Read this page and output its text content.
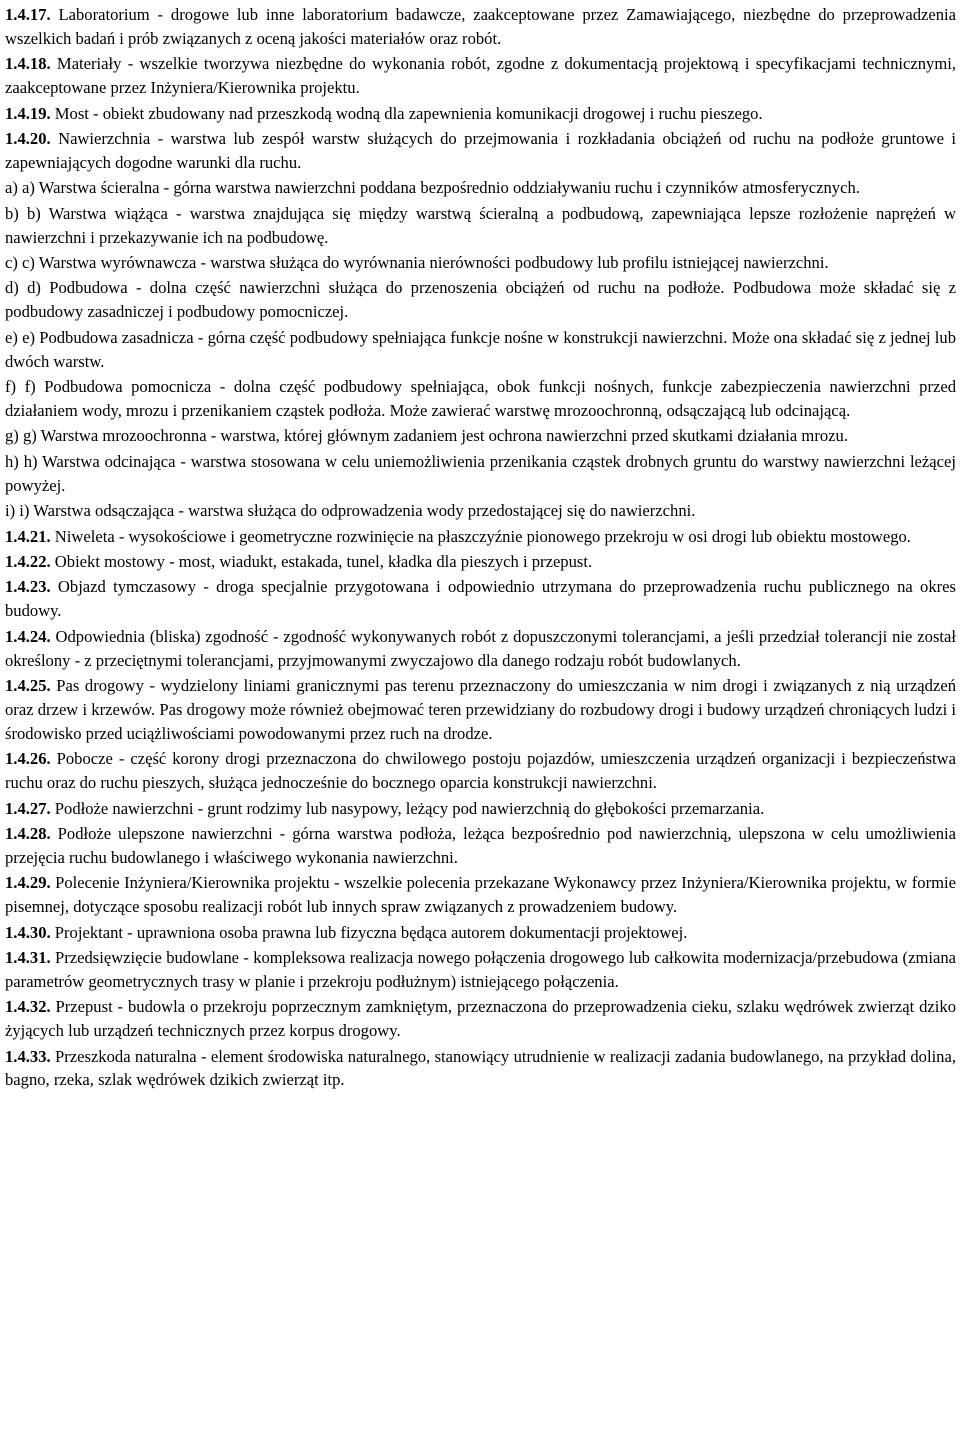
1.4.17. Laboratorium - drogowe lub inne laboratorium badawcze, zaakceptowane przez Zamawiającego, niezbędne do przeprowadzenia wszelkich badań i prób związanych z oceną jakości materiałów oraz robót.

1.4.18. Materiały - wszelkie tworzywa niezbędne do wykonania robót, zgodne z dokumentacją projektową i specyfikacjami technicznymi, zaakceptowane przez Inżyniera/Kierownika projektu.

1.4.19. Most - obiekt zbudowany nad przeszkodą wodną dla zapewnienia komunikacji drogowej i ruchu pieszego.

1.4.20. Nawierzchnia - warstwa lub zespół warstw służących do przejmowania i rozkładania obciążeń od ruchu na podłoże gruntowe i zapewniających dogodne warunki dla ruchu.

a) a) Warstwa ścieralna - górna warstwa nawierzchni poddana bezpośrednio oddziaływaniu ruchu i czynników atmosferycznych.

b) b) Warstwa wiążąca - warstwa znajdująca się między warstwą ścieralną a podbudową, zapewniająca lepsze rozłożenie naprężeń w nawierzchni i przekazywanie ich na podbudowę.

c) c) Warstwa wyrównawcza - warstwa służąca do wyrównania nierówności podbudowy lub profilu istniejącej nawierzchni.

d) d) Podbudowa - dolna część nawierzchni służąca do przenoszenia obciążeń od ruchu na podłoże. Podbudowa może składać się z podbudowy zasadniczej i podbudowy pomocniczej.

e) e) Podbudowa zasadnicza - górna część podbudowy spełniająca funkcje nośne w konstrukcji nawierzchni. Może ona składać się z jednej lub dwóch warstw.

f) f) Podbudowa pomocnicza - dolna część podbudowy spełniająca, obok funkcji nośnych, funkcje zabezpieczenia nawierzchni przed działaniem wody, mrozu i przenikaniem cząstek podłoża. Może zawierać warstwę mrozoochronną, odsączającą lub odcinającą.

g) g) Warstwa mrozoochronna - warstwa, której głównym zadaniem jest ochrona nawierzchni przed skutkami działania mrozu.

h) h) Warstwa odcinająca - warstwa stosowana w celu uniemożliwienia przenikania cząstek drobnych gruntu do warstwy nawierzchni leżącej powyżej.

i) i) Warstwa odsączająca - warstwa służąca do odprowadzenia wody przedostającej się do nawierzchni.

1.4.21. Niweleta - wysokościowe i geometryczne rozwinięcie na płaszczyźnie pionowego przekroju w osi drogi lub obiektu mostowego.

1.4.22. Obiekt mostowy - most, wiadukt, estakada, tunel, kładka dla pieszych i przepust.

1.4.23. Objazd tymczasowy - droga specjalnie przygotowana i odpowiednio utrzymana do przeprowadzenia ruchu publicznego na okres budowy.

1.4.24. Odpowiednia (bliska) zgodność - zgodność wykonywanych robót z dopuszczonymi tolerancjami, a jeśli przedział tolerancji nie został określony - z przeciętnymi tolerancjami, przyjmowanymi zwyczajowo dla danego rodzaju robót budowlanych.

1.4.25. Pas drogowy - wydzielony liniami granicznymi pas terenu przeznaczony do umieszczania w nim drogi i związanych z nią urządzeń oraz drzew i krzewów. Pas drogowy może również obejmować teren przewidziany do rozbudowy drogi i budowy urządzeń chroniących ludzi i środowisko przed uciążliwościami powodowanymi przez ruch na drodze.

1.4.26. Pobocze - część korony drogi przeznaczona do chwilowego postoju pojazdów, umieszczenia urządzeń organizacji i bezpieczeństwa ruchu oraz do ruchu pieszych, służąca jednocześnie do bocznego oparcia konstrukcji nawierzchni.

1.4.27. Podłoże nawierzchni - grunt rodzimy lub nasypowy, leżący pod nawierzchnią do głębokości przemarzania.

1.4.28. Podłoże ulepszone nawierzchni - górna warstwa podłoża, leżąca bezpośrednio pod nawierzchnią, ulepszona w celu umożliwienia przejęcia ruchu budowlanego i właściwego wykonania nawierzchni.

1.4.29. Polecenie Inżyniera/Kierownika projektu - wszelkie polecenia przekazane Wykonawcy przez Inżyniera/Kierownika projektu, w formie pisemnej, dotyczące sposobu realizacji robót lub innych spraw związanych z prowadzeniem budowy.

1.4.30. Projektant - uprawniona osoba prawna lub fizyczna będąca autorem dokumentacji projektowej.

1.4.31. Przedsięwzięcie budowlane - kompleksowa realizacja nowego połączenia drogowego lub całkowita modernizacja/przebudowa (zmiana parametrów geometrycznych trasy w planie i przekroju podłużnym) istniejącego połączenia.

1.4.32. Przepust - budowla o przekroju poprzecznym zamkniętym, przeznaczona do przeprowadzenia cieku, szlaku wędrówek zwierząt dziko żyjących lub urządzeń technicznych przez korpus drogowy.

1.4.33. Przeszkoda naturalna - element środowiska naturalnego, stanowiący utrudnienie w realizacji zadania budowlanego, na przykład dolina, bagno, rzeka, szlak wędrówek dzikich zwierząt itp.
